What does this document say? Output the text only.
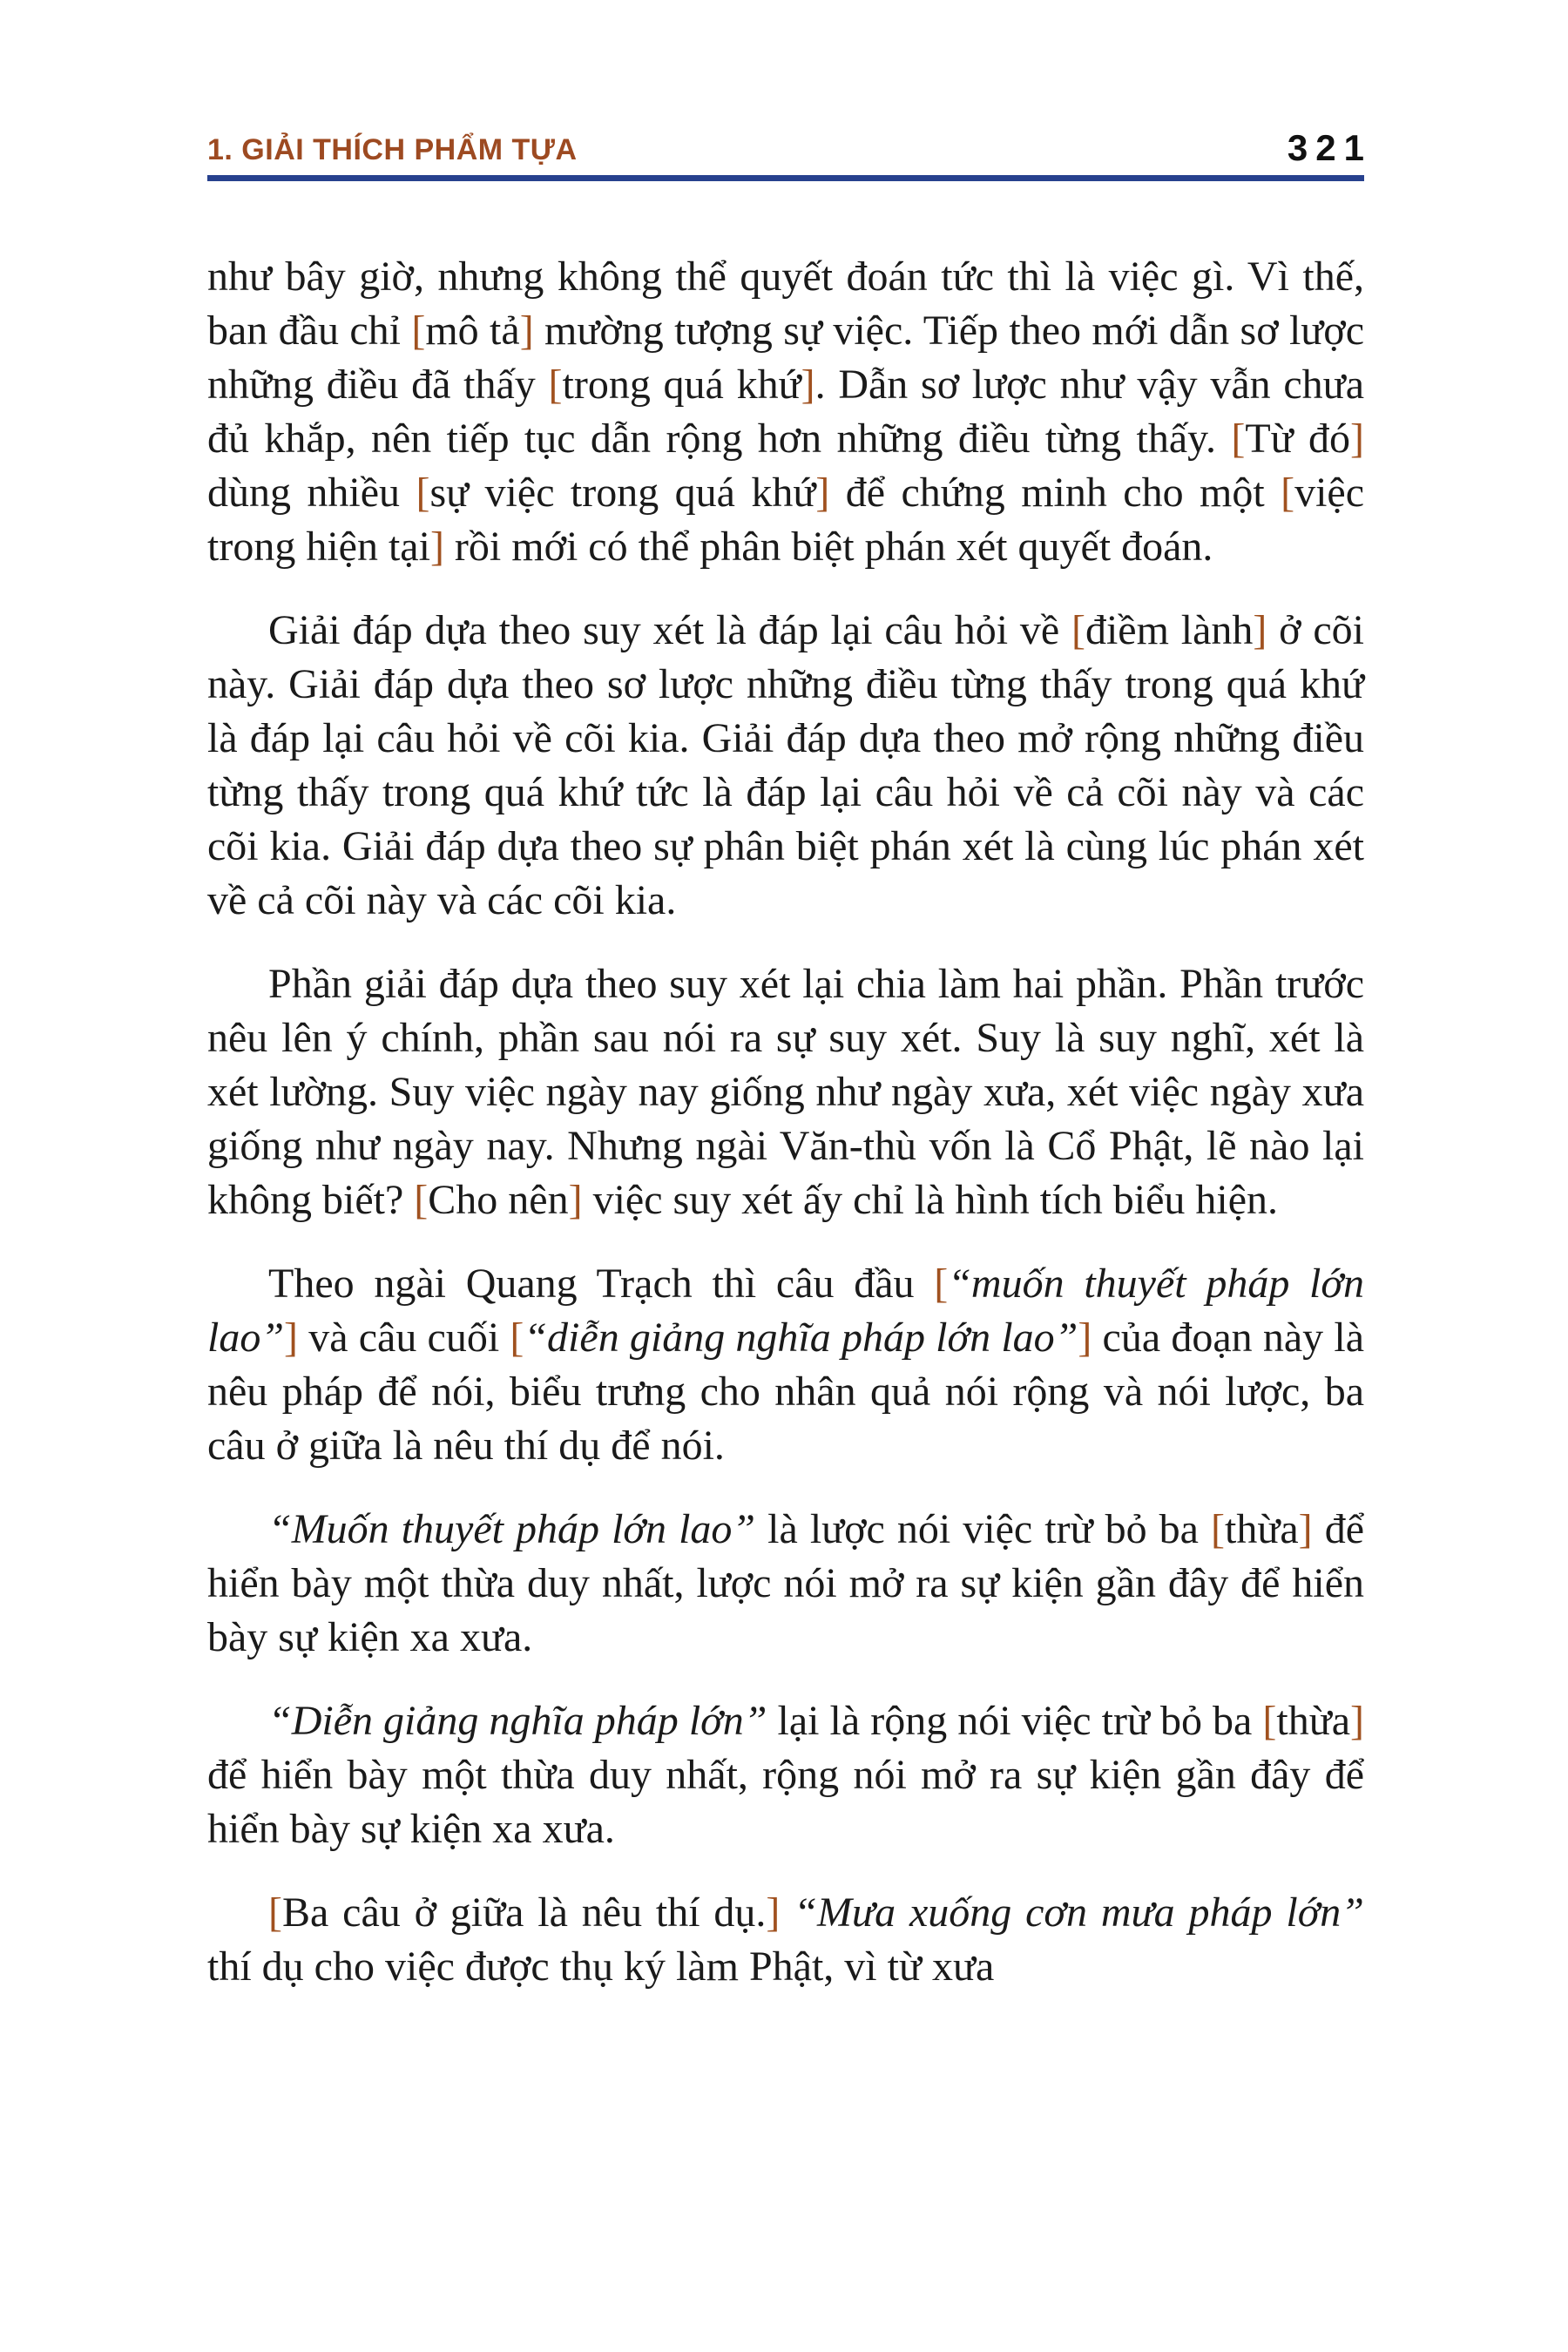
1. GIẢI THÍCH PHẨM TỰA	321

như bây giờ, nhưng không thể quyết đoán tức thì là việc gì. Vì thế, ban đầu chỉ [mô tả] mường tượng sự việc. Tiếp theo mới dẫn sơ lược những điều đã thấy [trong quá khứ]. Dẫn sơ lược như vậy vẫn chưa đủ khắp, nên tiếp tục dẫn rộng hơn những điều từng thấy. [Từ đó] dùng nhiều [sự việc trong quá khứ] để chứng minh cho một [việc trong hiện tại] rồi mới có thể phân biệt phán xét quyết đoán.

Giải đáp dựa theo suy xét là đáp lại câu hỏi về [điềm lành] ở cõi này. Giải đáp dựa theo sơ lược những điều từng thấy trong quá khứ là đáp lại câu hỏi về cõi kia. Giải đáp dựa theo mở rộng những điều từng thấy trong quá khứ tức là đáp lại câu hỏi về cả cõi này và các cõi kia. Giải đáp dựa theo sự phân biệt phán xét là cùng lúc phán xét về cả cõi này và các cõi kia.

Phần giải đáp dựa theo suy xét lại chia làm hai phần. Phần trước nêu lên ý chính, phần sau nói ra sự suy xét. Suy là suy nghĩ, xét là xét lường. Suy việc ngày nay giống như ngày xưa, xét việc ngày xưa giống như ngày nay. Nhưng ngài Văn-thù vốn là Cổ Phật, lẽ nào lại không biết? [Cho nên] việc suy xét ấy chỉ là hình tích biểu hiện.

Theo ngài Quang Trạch thì câu đầu [“muốn thuyết pháp lớn lao”] và câu cuối [“diễn giảng nghĩa pháp lớn lao”] của đoạn này là nêu pháp để nói, biểu trưng cho nhân quả nói rộng và nói lược, ba câu ở giữa là nêu thí dụ để nói.

“Muốn thuyết pháp lớn lao” là lược nói việc trừ bỏ ba [thừa] để hiển bày một thừa duy nhất, lược nói mở ra sự kiện gần đây để hiển bày sự kiện xa xưa.

“Diễn giảng nghĩa pháp lớn” lại là rộng nói việc trừ bỏ ba [thừa] để hiển bày một thừa duy nhất, rộng nói mở ra sự kiện gần đây để hiển bày sự kiện xa xưa.

[Ba câu ở giữa là nêu thí dụ.] “Mưa xuống cơn mưa pháp lớn” thí dụ cho việc được thụ ký làm Phật, vì từ xưa
